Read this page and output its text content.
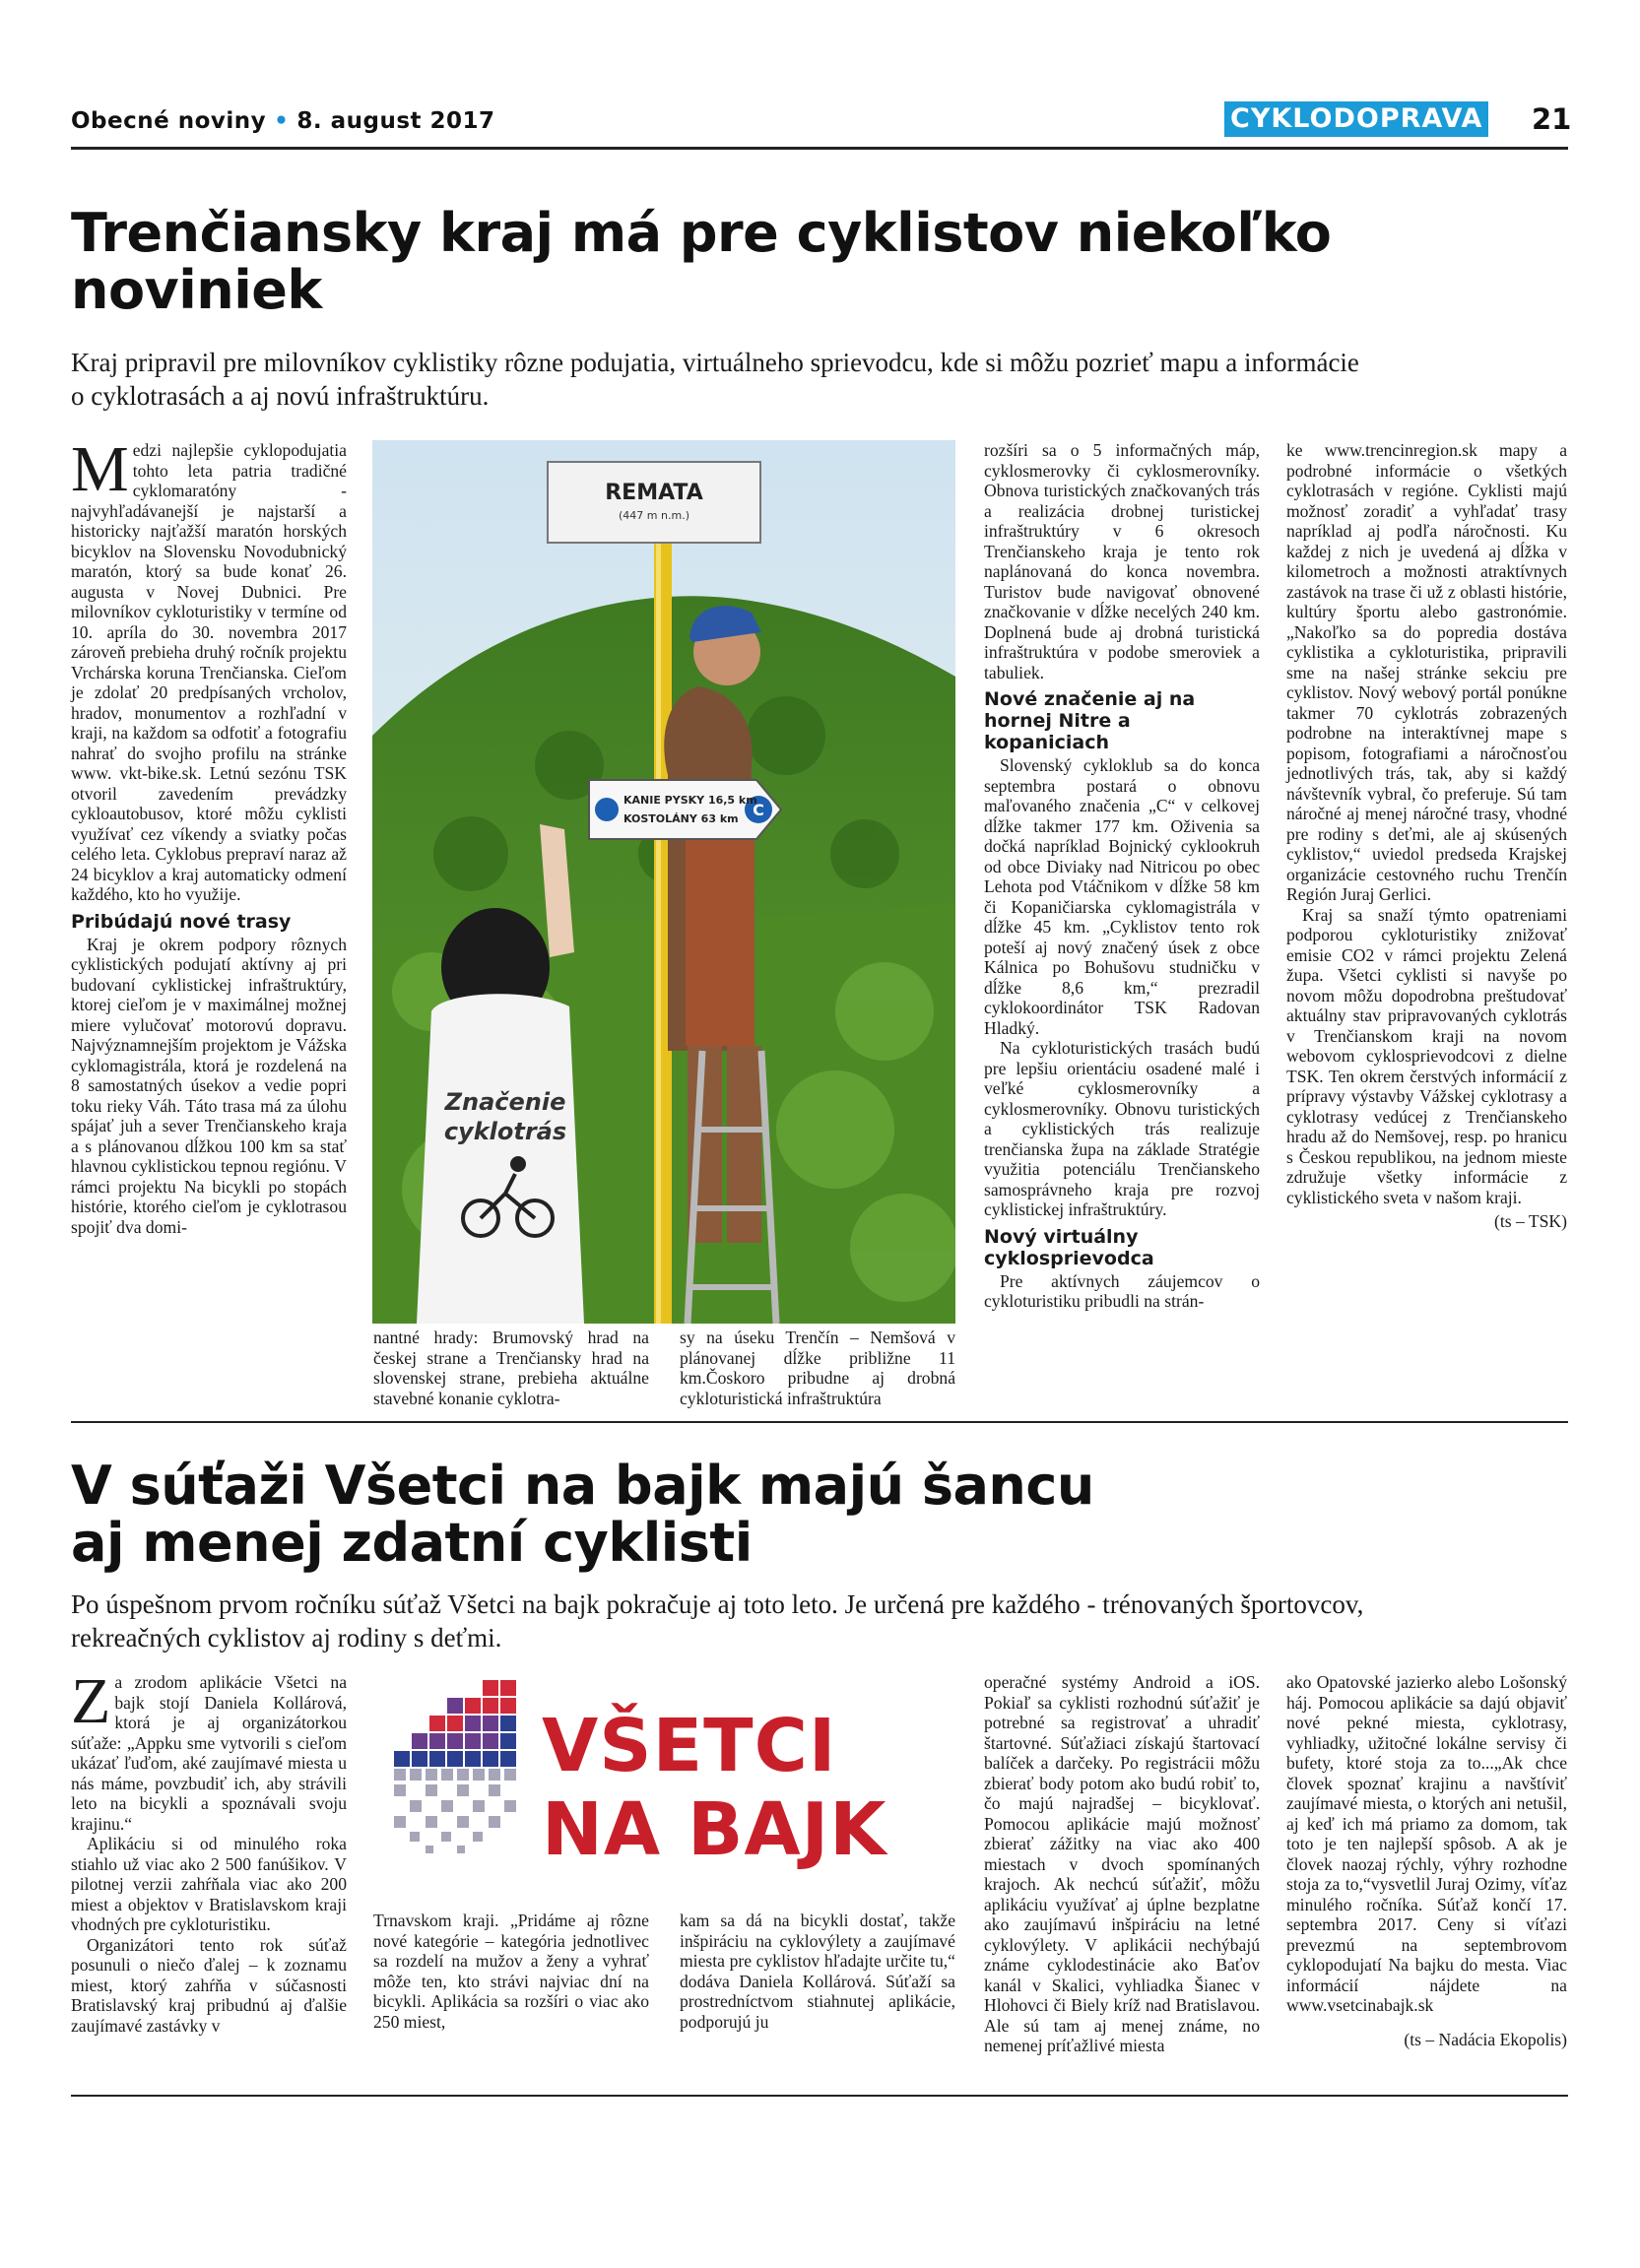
Obecné noviny • 8. august 2017	CYKLODOPRAVA 21
Trenčiansky kraj má pre cyklistov niekoľko
noviniek
Kraj pripravil pre milovníkov cyklistiky rôzne podujatia, virtuálneho sprievodcu, kde si môžu pozrieť mapu a informácie
o cyklotrasách a aj novú infraštruktúru.

Medzi najlepšie cyklopodujatia tohto leta patria tradičné cyklomaratóny - najvyhľadávanejší je najstarší a historicky najťažší maratón horských bicyklov na Slovensku Novodubnický maratón, ktorý sa bude konať 26. augusta v Novej Dubnici. Pre milovníkov cykloturistiky v termíne od 10. apríla do 30. novembra 2017 zároveň prebieha druhý ročník projektu Vrchárska koruna Trenčianska. Cieľom je zdolať 20 predpísaných vrcholov, hradov, monumentov a rozhľadní v kraji, na každom sa odfotiť a fotografiu nahrať do svojho profilu na stránke www. vkt-bike.sk. Letnú sezónu TSK otvoril zavedením prevádzky cykloautobusov, ktoré môžu cyklisti využívať cez víkendy a sviatky počas celého leta. Cyklobus prepraví naraz až 24 bicyklov a kraj automaticky odmení každého, kto ho využije.

Pribúdajú nové trasy

Kraj je okrem podpory rôznych cyklistických podujatí aktívny aj pri budovaní cyklistickej infraštruktúry, ktorej cieľom je v maximálnej možnej miere vylučovať motorovú dopravu. Najvýznamnejším projektom je Vážska cyklomagistrála, ktorá je rozdelená na 8 samostatných úsekov a vedie popri toku rieky Váh. Táto trasa má za úlohu spájať juh a sever Trenčianskeho kraja a s plánovanou dĺžkou 100 km sa stať hlavnou cyklistickou tepnou regiónu. V rámci projektu Na bicykli po stopách histórie, ktorého cieľom je cyklotrasou spojiť dva domi-

REMATA
(447 m n.m.)
C
KANIE PYSKY 16,5 km
KOSTOLÁNY 63 km
Značenie
cyklotrás

nantné hrady: Brumovský hrad na českej strane a Trenčiansky hrad na slovenskej strane, prebieha aktuálne stavebné konanie cyklotra-

sy na úseku Trenčín – Nemšová v plánovanej dĺžke približne 11 km.Čoskoro pribudne aj drobná cykloturistická infraštruktúra

rozšíri sa o 5 informačných máp, cyklosmerovky či cyklosmerovníky. Obnova turistických značkovaných trás a realizácia drobnej turistickej infraštruktúry v 6 okresoch Trenčianskeho kraja je tento rok naplánovaná do konca novembra. Turistov bude navigovať obnovené značkovanie v dĺžke necelých 240 km. Doplnená bude aj drobná turistická infraštruktúra v podobe smeroviek a tabuliek.

Nové značenie aj na hornej Nitre a kopaniciach

Slovenský cykloklub sa do konca septembra postará o obnovu maľovaného značenia „C“ v celkovej dĺžke takmer 177 km. Oživenia sa dočká napríklad Bojnický cyklookruh od obce Diviaky nad Nitricou po obec Lehota pod Vtáčnikom v dĺžke 58 km či Kopaničiarska cyklomagistrála v dĺžke 45 km. „Cyklistov tento rok poteší aj nový značený úsek z obce Kálnica po Bohušovu studničku v dĺžke 8,6 km,“ prezradil cyklokoordinátor TSK Radovan Hladký.

Na cykloturistických trasách budú pre lepšiu orientáciu osadené malé i veľké cyklosmerovníky a cyklosmerovníky. Obnovu turistických a cyklistických trás realizuje trenčianska župa na základe Stratégie využitia potenciálu Trenčianskeho samosprávneho kraja pre rozvoj cyklistickej infraštruktúry.

Nový virtuálny cyklosprievodca

Pre aktívnych záujemcov o cykloturistiku pribudli na strán-

ke www.trencinregion.sk mapy a podrobné informácie o všetkých cyklotrasách v regióne. Cyklisti majú možnosť zoradiť a vyhľadať trasy napríklad aj podľa náročnosti. Ku každej z nich je uvedená aj dĺžka v kilometroch a možnosti atraktívnych zastávok na trase či už z oblasti histórie, kultúry športu alebo gastronómie. „Nakoľko sa do popredia dostáva cyklistika a cykloturistika, pripravili sme na našej stránke sekciu pre cyklistov. Nový webový portál ponúkne takmer 70 cyklotrás zobrazených podrobne na interaktívnej mape s popisom, fotografiami a náročnosťou jednotlivých trás, tak, aby si každý návštevník vybral, čo preferuje. Sú tam náročné aj menej náročné trasy, vhodné pre rodiny s deťmi, ale aj skúsených cyklistov,“ uviedol predseda Krajskej organizácie cestovného ruchu Trenčín Región Juraj Gerlici.

Kraj sa snaží týmto opatreniami podporou cykloturistiky znižovať emisie CO2 v rámci projektu Zelená župa. Všetci cyklisti si navyše po novom môžu dopodrobna preštudovať aktuálny stav pripravovaných cyklotrás v Trenčianskom kraji na novom webovom cyklosprievodcovi z dielne TSK. Ten okrem čerstvých informácií z prípravy výstavby Vážskej cyklotrasy a cyklotrasy vedúcej z Trenčianskeho hradu až do Nemšovej, resp. po hranicu s Českou republikou, na jednom mieste združuje všetky informácie z cyklistického sveta v našom kraji.

(ts – TSK)
V súťaži Všetci na bajk majú šancu
aj menej zdatní cyklisti
Po úspešnom prvom ročníku súťaž Všetci na bajk pokračuje aj toto leto. Je určená pre každého - trénovaných športovcov,
rekreačných cyklistov aj rodiny s deťmi.

Za zrodom aplikácie Všetci na bajk stojí Daniela Kollárová, ktorá je aj organizátorkou súťaže: „Appku sme vytvorili s cieľom ukázať ľuďom, aké zaujímavé miesta u nás máme, povzbudiť ich, aby strávili leto na bicykli a spoznávali svoju krajinu.“

Aplikáciu si od minulého roka stiahlo už viac ako 2 500 fanúšikov. V pilotnej verzii zahŕňala viac ako 200 miest a objektov v Bratislavskom kraji vhodných pre cykloturistiku.

Organizátori tento rok súťaž posunuli o niečo ďalej – k zoznamu miest, ktorý zahŕňa v súčasnosti Bratislavský kraj pribudnú aj ďalšie zaujímavé zastávky v

VŠETCI
NA BAJK

Trnavskom kraji. „Pridáme aj rôzne nové kategórie – kategória jednotlivec sa rozdelí na mužov a ženy a vyhrať môže ten, kto strávi najviac dní na bicykli. Aplikácia sa rozšíri o viac ako 250 miest,

kam sa dá na bicykli dostať, takže inšpiráciu na cyklovýlety a zaujímavé miesta pre cyklistov hľadajte určite tu,“ dodáva Daniela Kollárová. Súťaží sa prostredníctvom stiahnutej aplikácie, podporujú ju

operačné systémy Android a iOS. Pokiaľ sa cyklisti rozhodnú súťažiť je potrebné sa registrovať a uhradiť štartovné. Súťažiaci získajú štartovací balíček a darčeky. Po registrácii môžu zbierať body potom ako budú robiť to, čo majú najradšej – bicyklovať. Pomocou aplikácie majú možnosť zbierať zážitky na viac ako 400 miestach v dvoch spomínaných krajoch. Ak nechcú súťažiť, môžu aplikáciu využívať aj úplne bezplatne ako zaujímavú inšpiráciu na letné cyklovýlety. V aplikácii nechýbajú známe cyklodestinácie ako Baťov kanál v Skalici, vyhliadka Šianec v Hlohovci či Biely kríž nad Bratislavou. Ale sú tam aj menej známe, no nemenej príťažlivé miesta

ako Opatovské jazierko alebo Lošonský háj. Pomocou aplikácie sa dajú objaviť nové pekné miesta, cyklotrasy, vyhliadky, užitočné lokálne servisy či bufety, ktoré stoja za to...„Ak chce človek spoznať krajinu a navštíviť zaujímavé miesta, o ktorých ani netušil, aj keď ich má priamo za domom, tak toto je ten najlepší spôsob. A ak je človek naozaj rýchly, výhry rozhodne stoja za to,“vysvetlil Juraj Ozimy, víťaz minulého ročníka. Súťaž končí 17. septembra 2017. Ceny si víťazi prevezmú na septembrovom cyklopodujatí Na bajku do mesta. Viac informácií nájdete na www.vsetcinabajk.sk

(ts – Nadácia Ekopolis)
